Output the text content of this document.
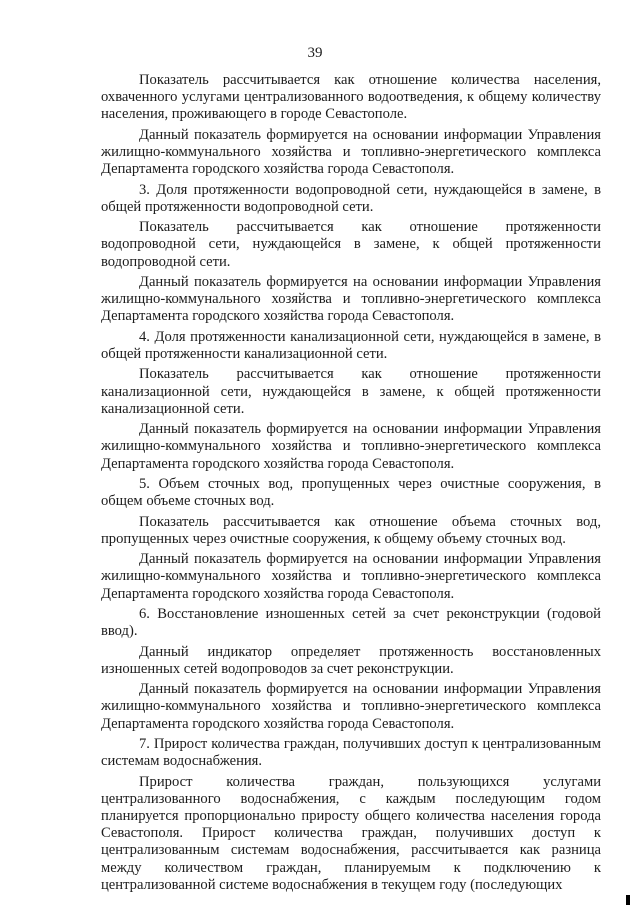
39

Показатель рассчитывается как отношение количества населения, охваченного услугами централизованного водоотведения, к общему количеству населения, проживающего в городе Севастополе.

Данный показатель формируется на основании информации Управления жилищно-коммунального хозяйства и топливно-энергетического комплекса Департамента городского хозяйства города Севастополя.

3. Доля протяженности водопроводной сети, нуждающейся в замене, в общей протяженности водопроводной сети.

Показатель рассчитывается как отношение протяженности водопроводной сети, нуждающейся в замене, к общей протяженности водопроводной сети.

Данный показатель формируется на основании информации Управления жилищно-коммунального хозяйства и топливно-энергетического комплекса Департамента городского хозяйства города Севастополя.

4. Доля протяженности канализационной сети, нуждающейся в замене, в общей протяженности канализационной сети.

Показатель рассчитывается как отношение протяженности канализационной сети, нуждающейся в замене, к общей протяженности канализационной сети.

Данный показатель формируется на основании информации Управления жилищно-коммунального хозяйства и топливно-энергетического комплекса Департамента городского хозяйства города Севастополя.

5. Объем сточных вод, пропущенных через очистные сооружения, в общем объеме сточных вод.

Показатель рассчитывается как отношение объема сточных вод, пропущенных через очистные сооружения, к общему объему сточных вод.

Данный показатель формируется на основании информации Управления жилищно-коммунального хозяйства и топливно-энергетического комплекса Департамента городского хозяйства города Севастополя.

6. Восстановление изношенных сетей за счет реконструкции (годовой ввод).

Данный индикатор определяет протяженность восстановленных изношенных сетей водопроводов за счет реконструкции.

Данный показатель формируется на основании информации Управления жилищно-коммунального хозяйства и топливно-энергетического комплекса Департамента городского хозяйства города Севастополя.

7. Прирост количества граждан, получивших доступ к централизованным системам водоснабжения.

Прирост количества граждан, пользующихся услугами централизованного водоснабжения, с каждым последующим годом планируется пропорционально приросту общего количества населения города Севастополя. Прирост количества граждан, получивших доступ к централизованным системам водоснабжения, рассчитывается как разница между количеством граждан, планируемым к подключению к централизованной системе водоснабжения в текущем году (последующих
